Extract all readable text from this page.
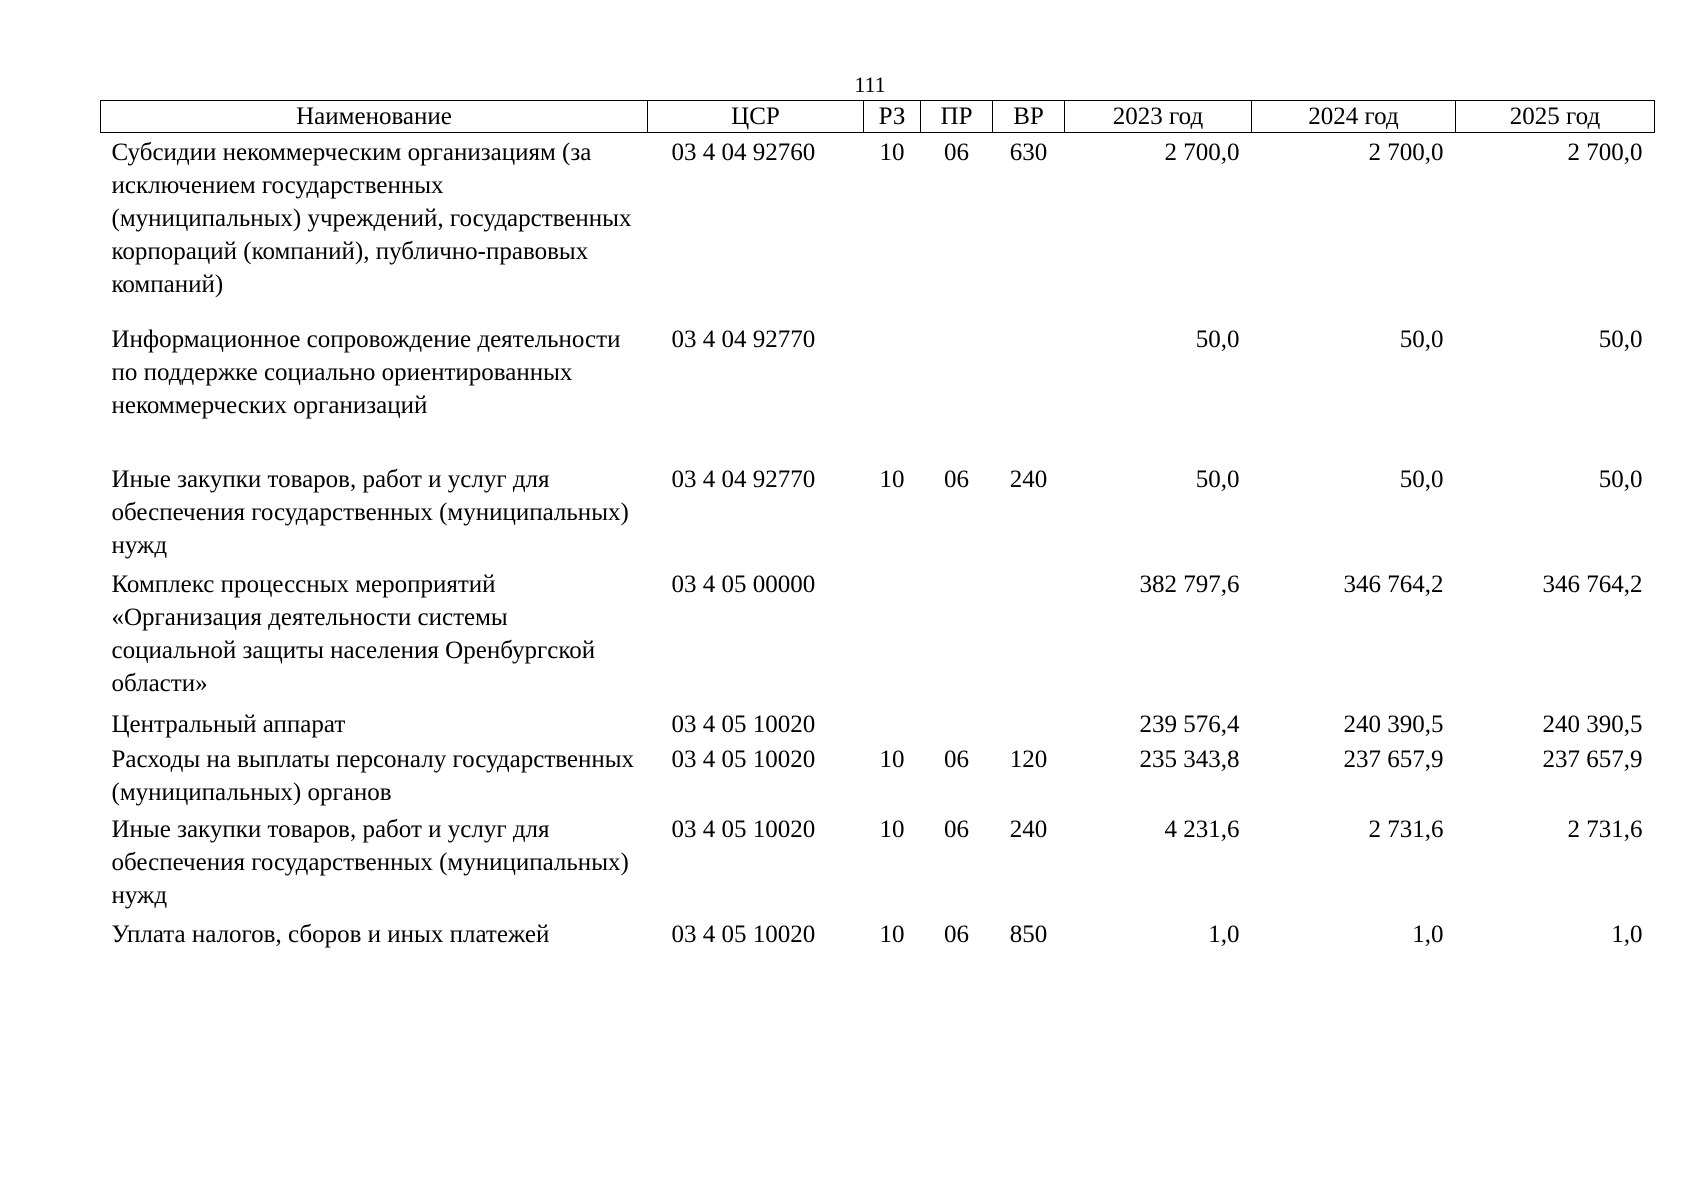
111
Наименование	ЦСР	РЗ	ПР	ВР	2023 год	2024 год	2025 год
Субсидии некоммерческим организациям (за исключением государственных (муниципальных) учреждений, государственных корпораций (компаний), публично-правовых компаний)	03 4 04 92760	10	06	630	2 700,0	2 700,0	2 700,0
Информационное сопровождение деятельности по поддержке социально ориентированных некоммерческих организаций	03 4 04 92770				50,0	50,0	50,0
Иные закупки товаров, работ и услуг для обеспечения государственных (муниципальных) нужд	03 4 04 92770	10	06	240	50,0	50,0	50,0
Комплекс процессных мероприятий «Организация деятельности системы социальной защиты населения Оренбургской области»	03 4 05 00000				382 797,6	346 764,2	346 764,2
Центральный аппарат	03 4 05 10020				239 576,4	240 390,5	240 390,5
Расходы на выплаты персоналу государственных (муниципальных) органов	03 4 05 10020	10	06	120	235 343,8	237 657,9	237 657,9
Иные закупки товаров, работ и услуг для обеспечения государственных (муниципальных) нужд	03 4 05 10020	10	06	240	4 231,6	2 731,6	2 731,6
Уплата налогов, сборов и иных платежей	03 4 05 10020	10	06	850	1,0	1,0	1,0
